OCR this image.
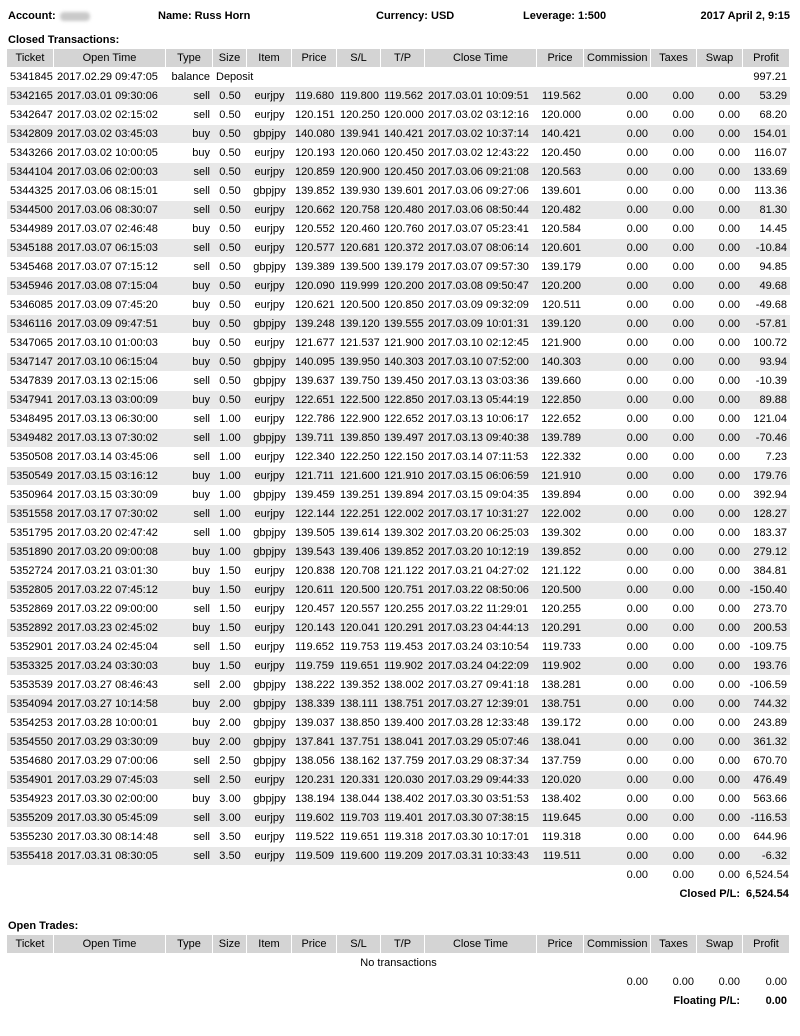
Account:	Name: Russ Horn	Currency: USD	Leverage: 1:500	2017 April 2, 9:15
Closed Transactions:
Ticket	Open Time	Type	Size	Item	Price	S/L	T/P	Close Time	Price	Commission	Taxes	Swap	Profit
5341845	2017.02.29 09:47:05	balance	Deposit										997.21
5342165	2017.03.01 09:30:06	sell	0.50	eurjpy	119.680	119.800	119.562	2017.03.01 10:09:51	119.562	0.00	0.00	0.00	53.29
5342647	2017.03.02 02:15:02	sell	0.50	eurjpy	120.151	120.250	120.000	2017.03.02 03:12:16	120.000	0.00	0.00	0.00	68.20
5342809	2017.03.02 03:45:03	buy	0.50	gbpjpy	140.080	139.941	140.421	2017.03.02 10:37:14	140.421	0.00	0.00	0.00	154.01
5343266	2017.03.02 10:00:05	buy	0.50	eurjpy	120.193	120.060	120.450	2017.03.02 12:43:22	120.450	0.00	0.00	0.00	116.07
5344104	2017.03.06 02:00:03	sell	0.50	eurjpy	120.859	120.900	120.450	2017.03.06 09:21:08	120.563	0.00	0.00	0.00	133.69
5344325	2017.03.06 08:15:01	sell	0.50	gbpjpy	139.852	139.930	139.601	2017.03.06 09:27:06	139.601	0.00	0.00	0.00	113.36
5344500	2017.03.06 08:30:07	sell	0.50	eurjpy	120.662	120.758	120.480	2017.03.06 08:50:44	120.482	0.00	0.00	0.00	81.30
5344989	2017.03.07 02:46:48	buy	0.50	eurjpy	120.552	120.460	120.760	2017.03.07 05:23:41	120.584	0.00	0.00	0.00	14.45
5345188	2017.03.07 06:15:03	sell	0.50	eurjpy	120.577	120.681	120.372	2017.03.07 08:06:14	120.601	0.00	0.00	0.00	-10.84
5345468	2017.03.07 07:15:12	sell	0.50	gbpjpy	139.389	139.500	139.179	2017.03.07 09:57:30	139.179	0.00	0.00	0.00	94.85
5345946	2017.03.08 07:15:04	buy	0.50	eurjpy	120.090	119.999	120.200	2017.03.08 09:50:47	120.200	0.00	0.00	0.00	49.68
5346085	2017.03.09 07:45:20	buy	0.50	eurjpy	120.621	120.500	120.850	2017.03.09 09:32:09	120.511	0.00	0.00	0.00	-49.68
5346116	2017.03.09 09:47:51	buy	0.50	gbpjpy	139.248	139.120	139.555	2017.03.09 10:01:31	139.120	0.00	0.00	0.00	-57.81
5347065	2017.03.10 01:00:03	buy	0.50	eurjpy	121.677	121.537	121.900	2017.03.10 02:12:45	121.900	0.00	0.00	0.00	100.72
5347147	2017.03.10 06:15:04	buy	0.50	gbpjpy	140.095	139.950	140.303	2017.03.10 07:52:00	140.303	0.00	0.00	0.00	93.94
5347839	2017.03.13 02:15:06	sell	0.50	gbpjpy	139.637	139.750	139.450	2017.03.13 03:03:36	139.660	0.00	0.00	0.00	-10.39
5347941	2017.03.13 03:00:09	buy	0.50	eurjpy	122.651	122.500	122.850	2017.03.13 05:44:19	122.850	0.00	0.00	0.00	89.88
5348495	2017.03.13 06:30:00	sell	1.00	eurjpy	122.786	122.900	122.652	2017.03.13 10:06:17	122.652	0.00	0.00	0.00	121.04
5349482	2017.03.13 07:30:02	sell	1.00	gbpjpy	139.711	139.850	139.497	2017.03.13 09:40:38	139.789	0.00	0.00	0.00	-70.46
5350508	2017.03.14 03:45:06	sell	1.00	eurjpy	122.340	122.250	122.150	2017.03.14 07:11:53	122.332	0.00	0.00	0.00	7.23
5350549	2017.03.15 03:16:12	buy	1.00	eurjpy	121.711	121.600	121.910	2017.03.15 06:06:59	121.910	0.00	0.00	0.00	179.76
5350964	2017.03.15 03:30:09	buy	1.00	gbpjpy	139.459	139.251	139.894	2017.03.15 09:04:35	139.894	0.00	0.00	0.00	392.94
5351558	2017.03.17 07:30:02	sell	1.00	eurjpy	122.144	122.251	122.002	2017.03.17 10:31:27	122.002	0.00	0.00	0.00	128.27
5351795	2017.03.20 02:47:42	sell	1.00	gbpjpy	139.505	139.614	139.302	2017.03.20 06:25:03	139.302	0.00	0.00	0.00	183.37
5351890	2017.03.20 09:00:08	buy	1.00	gbpjpy	139.543	139.406	139.852	2017.03.20 10:12:19	139.852	0.00	0.00	0.00	279.12
5352724	2017.03.21 03:01:30	buy	1.50	eurjpy	120.838	120.708	121.122	2017.03.21 04:27:02	121.122	0.00	0.00	0.00	384.81
5352805	2017.03.22 07:45:12	buy	1.50	eurjpy	120.611	120.500	120.751	2017.03.22 08:50:06	120.500	0.00	0.00	0.00	-150.40
5352869	2017.03.22 09:00:00	sell	1.50	eurjpy	120.457	120.557	120.255	2017.03.22 11:29:01	120.255	0.00	0.00	0.00	273.70
5352892	2017.03.23 02:45:02	buy	1.50	eurjpy	120.143	120.041	120.291	2017.03.23 04:44:13	120.291	0.00	0.00	0.00	200.53
5352901	2017.03.24 02:45:04	sell	1.50	eurjpy	119.652	119.753	119.453	2017.03.24 03:10:54	119.733	0.00	0.00	0.00	-109.75
5353325	2017.03.24 03:30:03	buy	1.50	eurjpy	119.759	119.651	119.902	2017.03.24 04:22:09	119.902	0.00	0.00	0.00	193.76
5353539	2017.03.27 08:46:43	sell	2.00	gbpjpy	138.222	139.352	138.002	2017.03.27 09:41:18	138.281	0.00	0.00	0.00	-106.59
5354094	2017.03.27 10:14:58	buy	2.00	gbpjpy	138.339	138.111	138.751	2017.03.27 12:39:01	138.751	0.00	0.00	0.00	744.32
5354253	2017.03.28 10:00:01	buy	2.00	gbpjpy	139.037	138.850	139.400	2017.03.28 12:33:48	139.172	0.00	0.00	0.00	243.89
5354550	2017.03.29 03:30:09	buy	2.00	gbpjpy	137.841	137.751	138.041	2017.03.29 05:07:46	138.041	0.00	0.00	0.00	361.32
5354680	2017.03.29 07:00:06	sell	2.50	gbpjpy	138.056	138.162	137.759	2017.03.29 08:37:34	137.759	0.00	0.00	0.00	670.70
5354901	2017.03.29 07:45:03	sell	2.50	eurjpy	120.231	120.331	120.030	2017.03.29 09:44:33	120.020	0.00	0.00	0.00	476.49
5354923	2017.03.30 02:00:00	buy	3.00	gbpjpy	138.194	138.044	138.402	2017.03.30 03:51:53	138.402	0.00	0.00	0.00	563.66
5355209	2017.03.30 05:45:09	sell	3.00	eurjpy	119.602	119.703	119.401	2017.03.30 07:38:15	119.645	0.00	0.00	0.00	-116.53
5355230	2017.03.30 08:14:48	sell	3.50	eurjpy	119.522	119.651	119.318	2017.03.30 10:17:01	119.318	0.00	0.00	0.00	644.96
5355418	2017.03.31 08:30:05	sell	3.50	eurjpy	119.509	119.600	119.209	2017.03.31 10:33:43	119.511	0.00	0.00	0.00	-6.32
										0.00	0.00	0.00	6,524.54
										Closed P/L:			6,524.54
Open Trades:
Ticket	Open Time	Type	Size	Item	Price	S/L	T/P	Close Time	Price	Commission	Taxes	Swap	Profit
No transactions													
										0.00	0.00	0.00	0.00
										Floating P/L:			0.00
